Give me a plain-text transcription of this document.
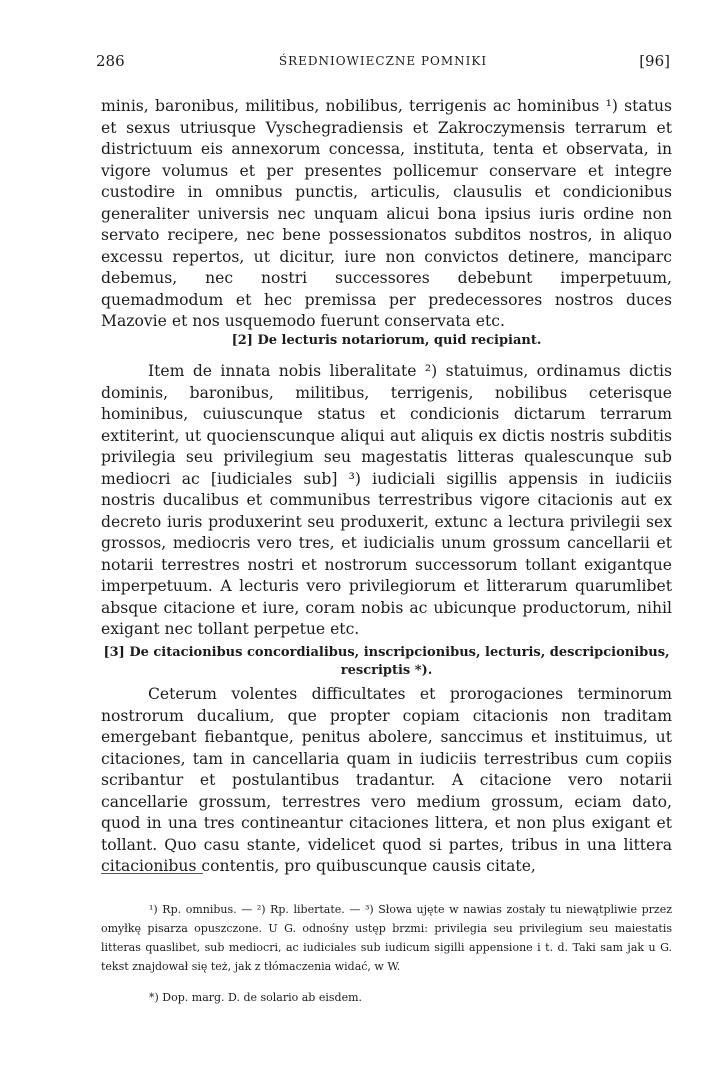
286	ŚREDNIOWIECZNE POMNIKI	[96]

minis, baronibus, militibus, nobilibus, terrigenis ac hominibus ¹) status et sexus utriusque Vyschegradiensis et Zakroczymensis terrarum et districtuum eis annexorum concessa, instituta, tenta et observata, in vigore volumus et per presentes pollicemur conservare et integre custodire in omnibus punctis, articulis, clausulis et condicionibus generaliter universis nec unquam alicui bona ipsius iuris ordine non servato recipere, nec bene possessionatos subditos nostros, in aliquo excessu repertos, ut dicitur, iure non convictos detinere, manciparc debemus, nec nostri successores debebunt imperpetuum, quemadmodum et hec premissa per predecessores nostros duces Mazovie et nos usquemodo fuerunt conservata etc.

[2] De lecturis notariorum, quid recipiant.

Item de innata nobis liberalitate ²) statuimus, ordinamus dictis dominis, baronibus, militibus, terrigenis, nobilibus ceterisque hominibus, cuiuscunque status et condicionis dictarum terrarum extiterint, ut quocienscunque aliqui aut aliquis ex dictis nostris subditis privilegia seu privilegium seu magestatis litteras qualescunque sub mediocri ac [iudiciales sub] ³) iudiciali sigillis appensis in iudiciis nostris ducalibus et communibus terrestribus vigore citacionis aut ex decreto iuris produxerint seu produxerit, extunc a lectura privilegii sex grossos, mediocris vero tres, et iudicialis unum grossum cancellarii et notarii terrestres nostri et nostrorum successorum tollant exigantque imperpetuum. A lecturis vero privilegiorum et litterarum quarumlibet absque citacione et iure, coram nobis ac ubicunque productorum, nihil exigant nec tollant perpetue etc.

[3] De citacionibus concordialibus, inscripcionibus, lecturis, descripcionibus,
rescriptis *).

Ceterum volentes difficultates et prorogaciones terminorum nostrorum ducalium, que propter copiam citacionis non traditam emergebant fiebantque, penitus abolere, sanccimus et instituimus, ut citaciones, tam in cancellaria quam in iudiciis terrestribus cum copiis scribantur et postulantibus tradantur. A citacione vero notarii cancellarie grossum, terrestres vero medium grossum, eciam dato, quod in una tres contineantur citaciones littera, et non plus exigant et tollant. Quo casu stante, videlicet quod si partes, tribus in una littera citacionibus contentis, pro quibuscunque causis citate,

¹) Rp. omnibus. — ²) Rp. libertate. — ³) Słowa ujęte w nawias zostały tu niewątpliwie przez omyłkę pisarza opuszczone. U G. odnośny ustęp brzmi: privilegia seu privilegium seu maiestatis litteras quaslibet, sub mediocri, ac iudiciales sub iudicum sigilli appensione i t. d. Taki sam jak u G. tekst znajdował się też, jak z tłómaczenia widać, w W.

*) Dop. marg. D. de solario ab eisdem.
